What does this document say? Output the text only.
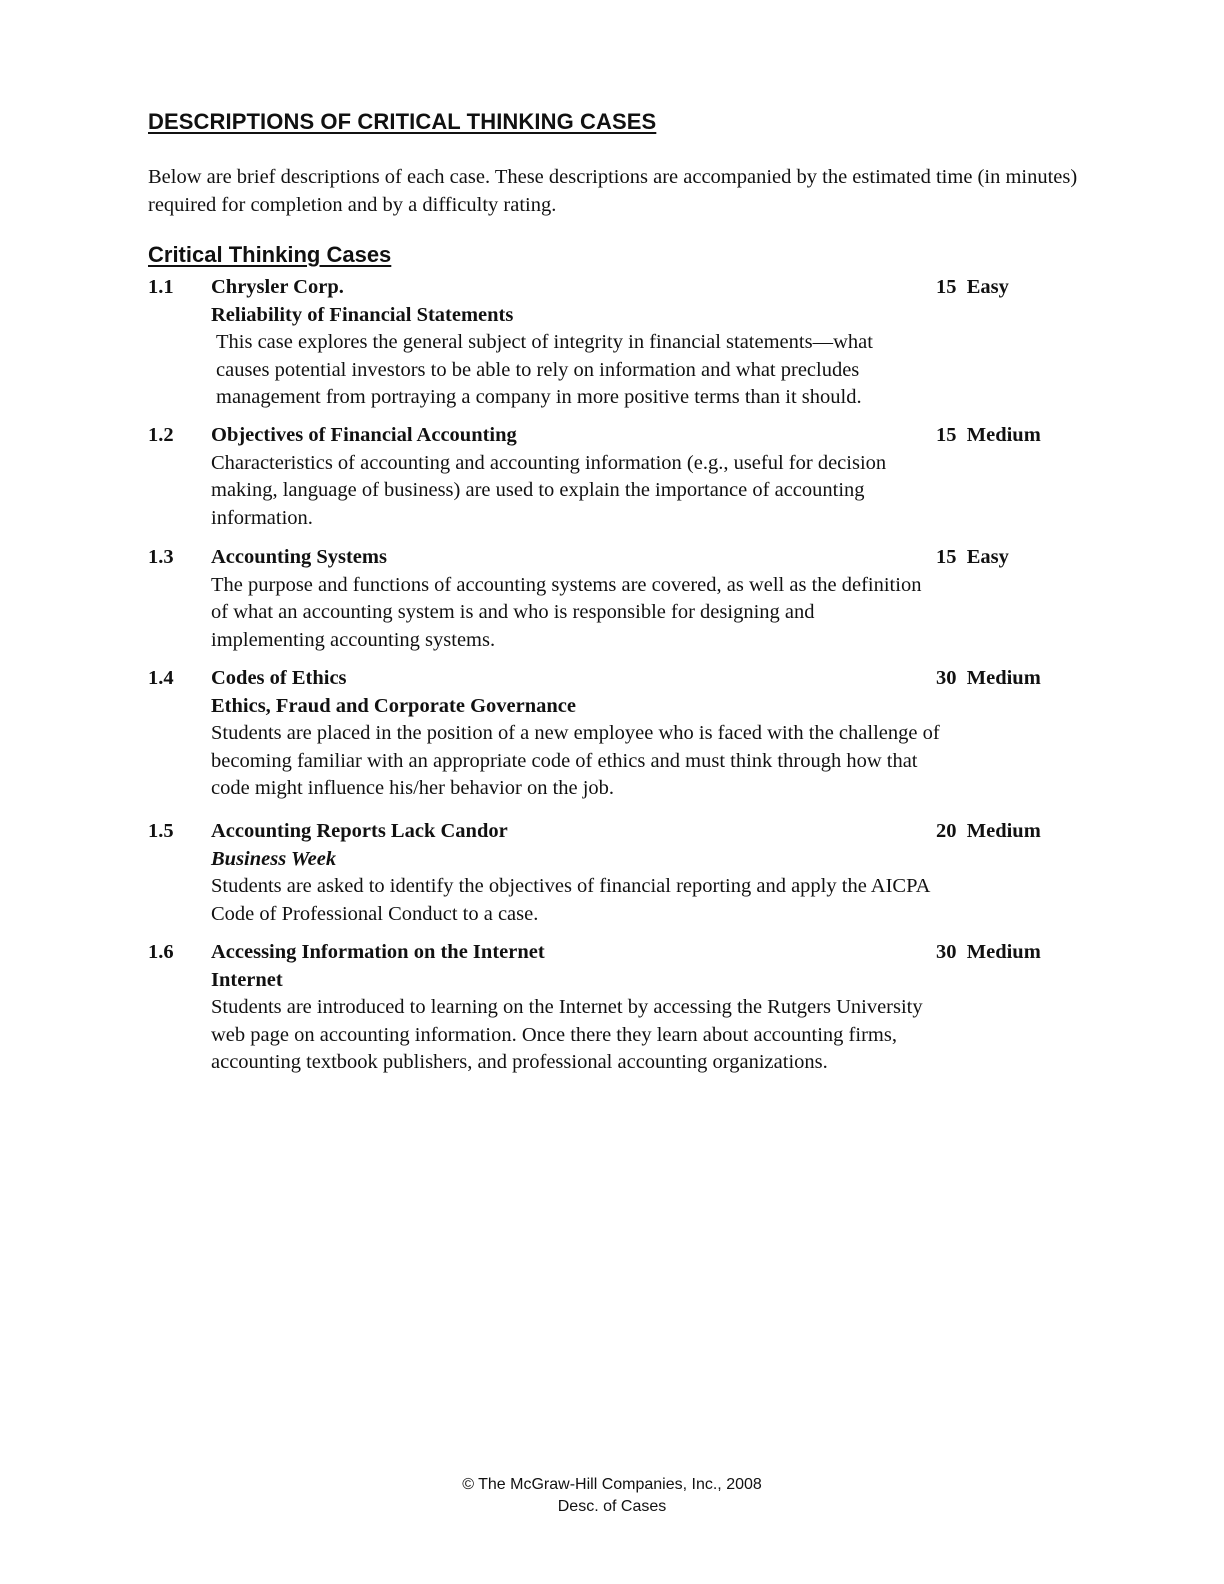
DESCRIPTIONS OF CRITICAL THINKING CASES

Below are brief descriptions of each case. These descriptions are accompanied by the estimated time (in minutes) required for completion and by a difficulty rating.

Critical Thinking Cases
1.1 Chrysler Corp.
Reliability of Financial Statements

This case explores the general subject of integrity in financial statements—what causes potential investors to be able to rely on information and what precludes management from portraying a company in more positive terms than it should.

15 Easy
1.2 Objectives of Financial Accounting

Characteristics of accounting and accounting information (e.g., useful for decision making, language of business) are used to explain the importance of accounting information.

15 Medium
1.3 Accounting Systems

The purpose and functions of accounting systems are covered, as well as the definition of what an accounting system is and who is responsible for designing and implementing accounting systems.

15 Easy
1.4 Codes of Ethics
Ethics, Fraud and Corporate Governance

Students are placed in the position of a new employee who is faced with the challenge of becoming familiar with an appropriate code of ethics and must think through how that code might influence his/her behavior on the job.

30 Medium
1.5 Accounting Reports Lack Candor
Business Week

Students are asked to identify the objectives of financial reporting and apply the AICPA Code of Professional Conduct to a case.

20 Medium
1.6 Accessing Information on the Internet
Internet

Students are introduced to learning on the Internet by accessing the Rutgers University web page on accounting information. Once there they learn about accounting firms, accounting textbook publishers, and professional accounting organizations.

30 Medium
© The McGraw-Hill Companies, Inc., 2008
Desc. of Cases
